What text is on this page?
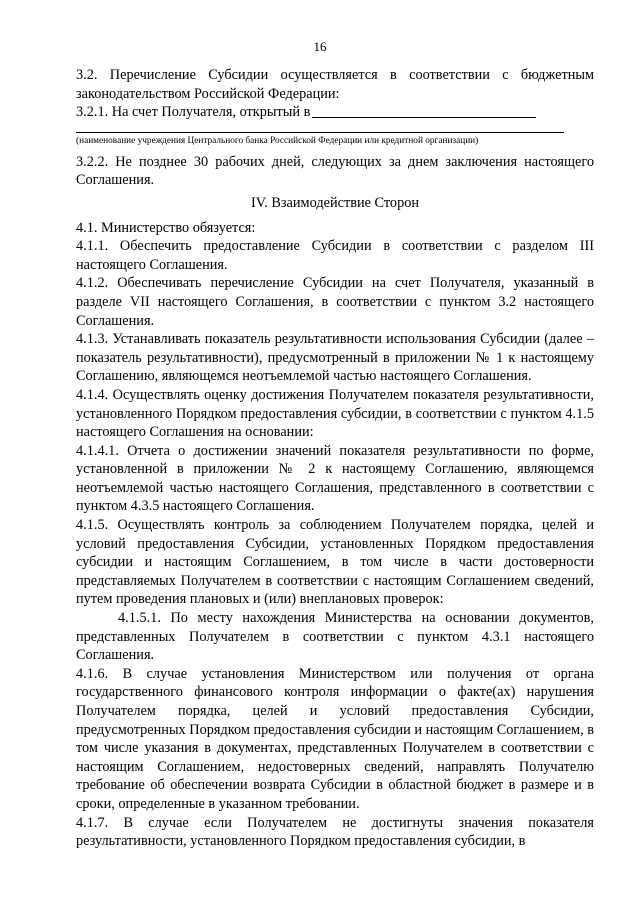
16

3.2. Перечисление Субсидии осуществляется в соответствии с бюджетным законодательством Российской Федерации:

3.2.1. На счет Получателя, открытый в

(наименование учреждения Центрального банка Российской Федерации или кредитной организации)

3.2.2. Не позднее 30 рабочих дней, следующих за днем заключения настоящего Соглашения.

IV. Взаимодействие Сторон

4.1. Министерство обязуется:

4.1.1. Обеспечить предоставление Субсидии в соответствии с разделом III настоящего Соглашения.

4.1.2. Обеспечивать перечисление Субсидии на счет Получателя, указанный в разделе VII настоящего Соглашения, в соответствии с пунктом 3.2 настоящего Соглашения.

4.1.3. Устанавливать показатель результативности использования Субсидии (далее – показатель результативности), предусмотренный в приложении № 1 к настоящему Соглашению, являющемся неотъемлемой частью настоящего Соглашения.

4.1.4. Осуществлять оценку достижения Получателем показателя результативности, установленного Порядком предоставления субсидии, в соответствии с пунктом 4.1.5 настоящего Соглашения на основании:

4.1.4.1. Отчета о достижении значений показателя результативности по форме, установленной в приложении № 2 к настоящему Соглашению, являющемся неотъемлемой частью настоящего Соглашения, представленного в соответствии с пунктом 4.3.5 настоящего Соглашения.

4.1.5. Осуществлять контроль за соблюдением Получателем порядка, целей и условий предоставления Субсидии, установленных Порядком предоставления субсидии и настоящим Соглашением, в том числе в части достоверности представляемых Получателем в соответствии с настоящим Соглашением сведений, путем проведения плановых и (или) внеплановых проверок:

4.1.5.1. По месту нахождения Министерства на основании документов, представленных Получателем в соответствии с пунктом 4.3.1 настоящего Соглашения.

4.1.6. В случае установления Министерством или получения от органа государственного финансового контроля информации о факте(ах) нарушения Получателем порядка, целей и условий предоставления Субсидии, предусмотренных Порядком предоставления субсидии и настоящим Соглашением, в том числе указания в документах, представленных Получателем в соответствии с настоящим Соглашением, недостоверных сведений, направлять Получателю требование об обеспечении возврата Субсидии в областной бюджет в размере и в сроки, определенные в указанном требовании.

4.1.7. В случае если Получателем не достигнуты значения показателя результативности, установленного Порядком предоставления субсидии, в
